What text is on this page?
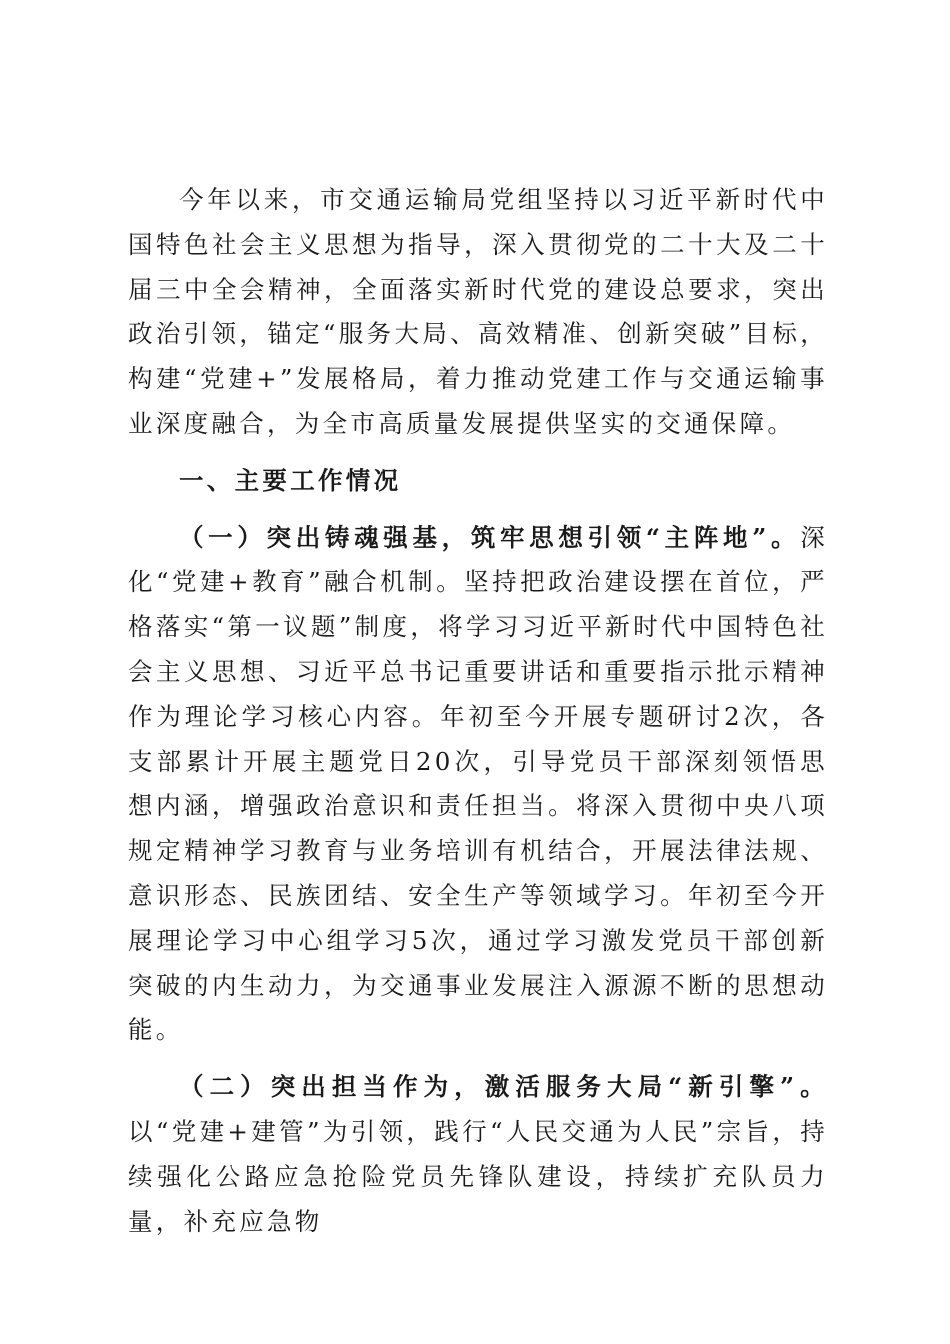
今年以来，市交通运输局党组坚持以习近平新时代中国特色社会主义思想为指导，深入贯彻党的二十大及二十届三中全会精神，全面落实新时代党的建设总要求，突出政治引领，锚定“服务大局、高效精准、创新突破”目标，构建“党建+”发展格局，着力推动党建工作与交通运输事业深度融合，为全市高质量发展提供坚实的交通保障。

一、主要工作情况

（一）突出铸魂强基，筑牢思想引领“主阵地”。深化“党建+教育”融合机制。坚持把政治建设摆在首位，严格落实“第一议题”制度，将学习习近平新时代中国特色社会主义思想、习近平总书记重要讲话和重要指示批示精神作为理论学习核心内容。年初至今开展专题研讨2次，各支部累计开展主题党日20次，引导党员干部深刻领悟思想内涵，增强政治意识和责任担当。将深入贯彻中央八项规定精神学习教育与业务培训有机结合，开展法律法规、意识形态、民族团结、安全生产等领域学习。年初至今开展理论学习中心组学习5次，通过学习激发党员干部创新突破的内生动力，为交通事业发展注入源源不断的思想动能。

（二）突出担当作为，激活服务大局“新引擎”。以“党建+建管”为引领，践行“人民交通为人民”宗旨，持续强化公路应急抢险党员先锋队建设，持续扩充队员力量，补充应急物
